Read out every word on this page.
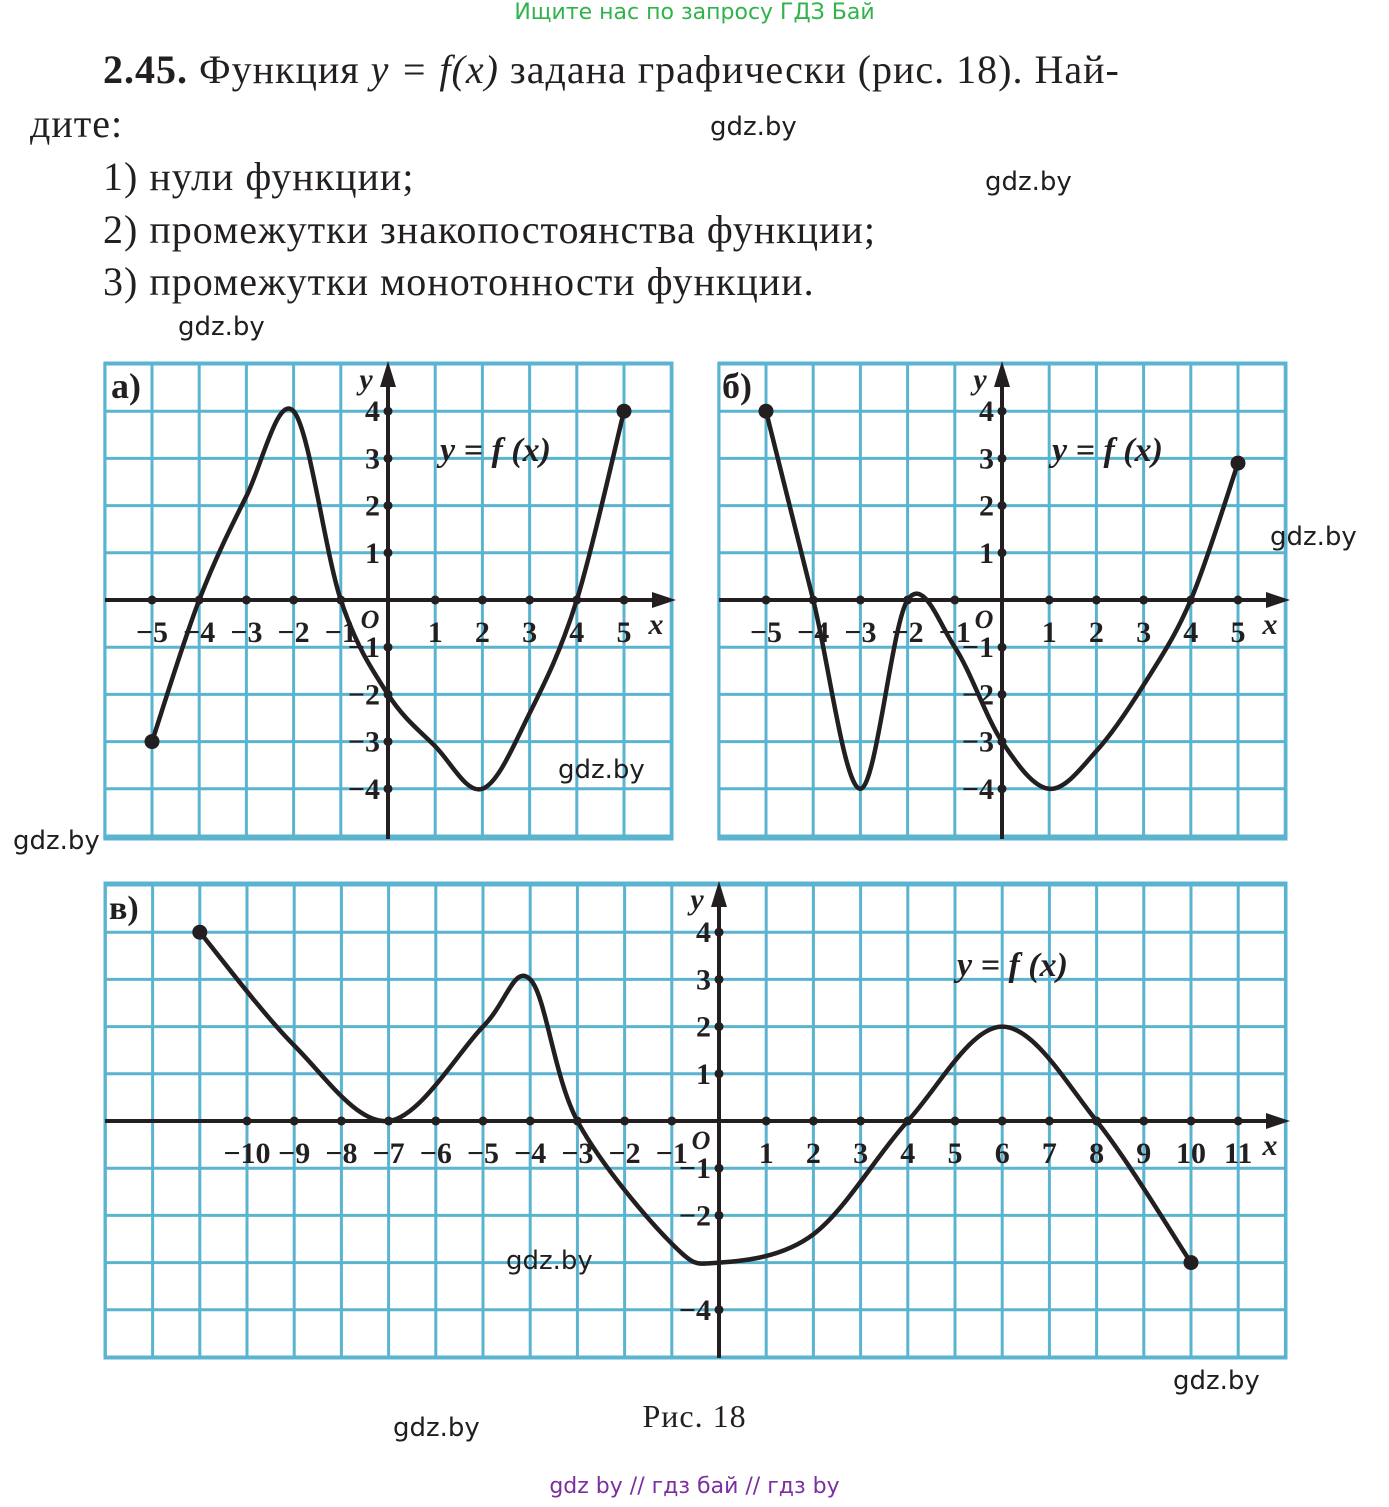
Ищите нас по запросу ГДЗ Бай
2.45. Функция y = f(x) задана графически (рис. 18). Най-
дите:
1) нули функции;
2) промежутки знакопостоянства функции;
3) промежутки монотонности функции.
x
y
O
−5 −4 −3 −2 −1 1 2 3 4 5
4
3
2
1
−1
−2
−3
−4
y = f (x)
а)
x
y
O
−5 −4 −3 −2 −1 1 2 3 4 5
4
3
2
1
−1
−2
−3
−4
y = f (x)
б)
x
y
O
−10 −9 −8 −7 −6 −5 −4 −3 −2 −1 1 2 3 4 5 6 7 8 9 10 11
4
3
2
1
−1
−2
−4
y = f (x)
в)
gdz.by
gdz.by
gdz.by
gdz.by
gdz.by
gdz.by
gdz.by
gdz.by
gdz.by	Рис. 18
gdz by // гдз бай // гдз by
